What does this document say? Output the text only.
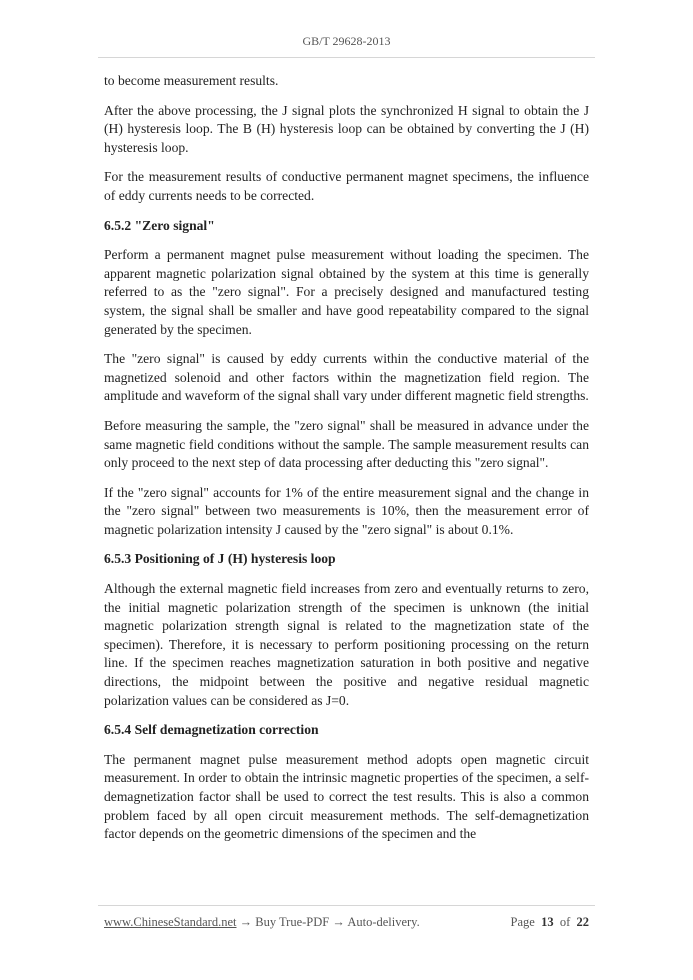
GB/T 29628-2013

to become measurement results.

After the above processing, the J signal plots the synchronized H signal to obtain the J (H) hysteresis loop. The B (H) hysteresis loop can be obtained by converting the J (H) hysteresis loop.

For the measurement results of conductive permanent magnet specimens, the influence of eddy currents needs to be corrected.

6.5.2 "Zero signal"

Perform a permanent magnet pulse measurement without loading the specimen. The apparent magnetic polarization signal obtained by the system at this time is generally referred to as the "zero signal". For a precisely designed and manufactured testing system, the signal shall be smaller and have good repeatability compared to the signal generated by the specimen.

The "zero signal" is caused by eddy currents within the conductive material of the magnetized solenoid and other factors within the magnetization field region. The amplitude and waveform of the signal shall vary under different magnetic field strengths.

Before measuring the sample, the "zero signal" shall be measured in advance under the same magnetic field conditions without the sample. The sample measurement results can only proceed to the next step of data processing after deducting this "zero signal".

If the "zero signal" accounts for 1% of the entire measurement signal and the change in the "zero signal" between two measurements is 10%, then the measurement error of magnetic polarization intensity J caused by the "zero signal" is about 0.1%.

6.5.3 Positioning of J (H) hysteresis loop

Although the external magnetic field increases from zero and eventually returns to zero, the initial magnetic polarization strength of the specimen is unknown (the initial magnetic polarization strength signal is related to the magnetization state of the specimen). Therefore, it is necessary to perform positioning processing on the return line. If the specimen reaches magnetization saturation in both positive and negative directions, the midpoint between the positive and negative residual magnetic polarization values can be considered as J=0.

6.5.4 Self demagnetization correction

The permanent magnet pulse measurement method adopts open magnetic circuit measurement. In order to obtain the intrinsic magnetic properties of the specimen, a self-demagnetization factor shall be used to correct the test results. This is also a common problem faced by all open circuit measurement methods. The self-demagnetization factor depends on the geometric dimensions of the specimen and the

www.ChineseStandard.net → Buy True-PDF → Auto-delivery.	Page 13 of 22
